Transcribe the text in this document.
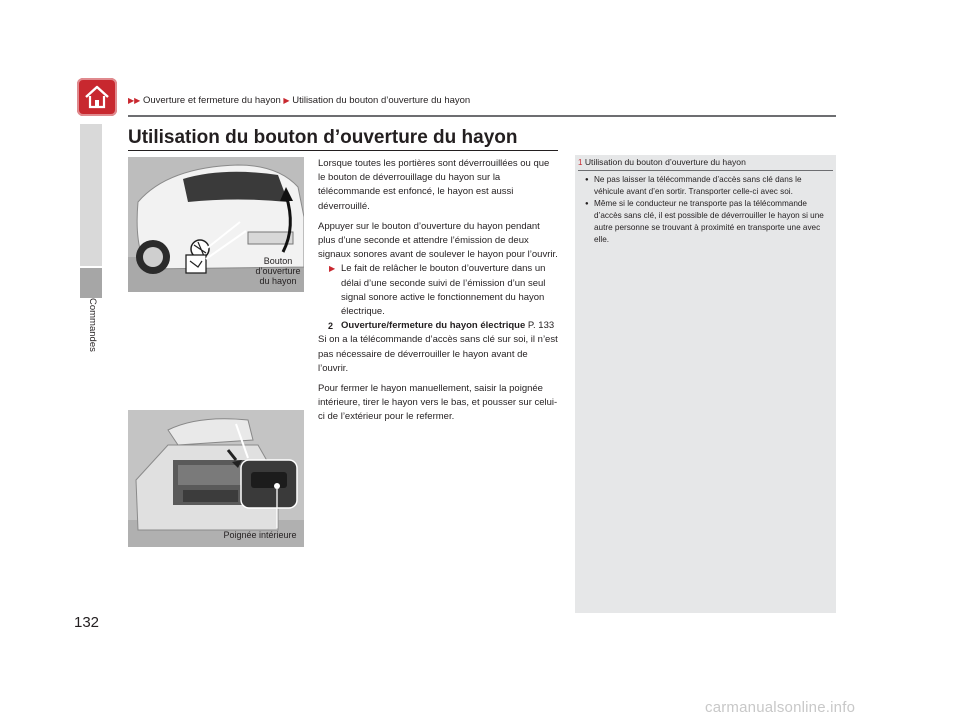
Commandes
▶▶ Ouverture et fermeture du hayon ▶ Utilisation du bouton d’ouverture du hayon
Utilisation du bouton d’ouverture du hayon
Bouton
d’ouverture
du hayon
Poignée intérieure

Lorsque toutes les portières sont déverrouillées ou que le bouton de déverrouillage du hayon sur la télécommande est enfoncé, le hayon est aussi déverrouillé.

Appuyer sur le bouton d’ouverture du hayon pendant plus d’une seconde et attendre l’émission de deux signaux sonores avant de soulever le hayon pour l’ouvrir.

▶ Le fait de relâcher le bouton d’ouverture dans un délai d’une seconde suivi de l’émission d’un seul signal sonore active le fonctionnement du hayon électrique.
2 Ouverture/fermeture du hayon électrique P. 133

Si on a la télécommande d’accès sans clé sur soi, il n’est pas nécessaire de déverrouiller le hayon avant de l’ouvrir.

Pour fermer le hayon manuellement, saisir la poignée intérieure, tirer le hayon vers le bas, et pousser sur celui-ci de l’extérieur pour le refermer.

1 Utilisation du bouton d’ouverture du hayon
● Ne pas laisser la télécommande d’accès sans clé dans le véhicule avant d’en sortir. Transporter celle-ci avec soi.
● Même si le conducteur ne transporte pas la télécommande d’accès sans clé, il est possible de déverrouiller le hayon si une autre personne se trouvant à proximité en transporte une avec elle.
132
carmanualsonline.info
